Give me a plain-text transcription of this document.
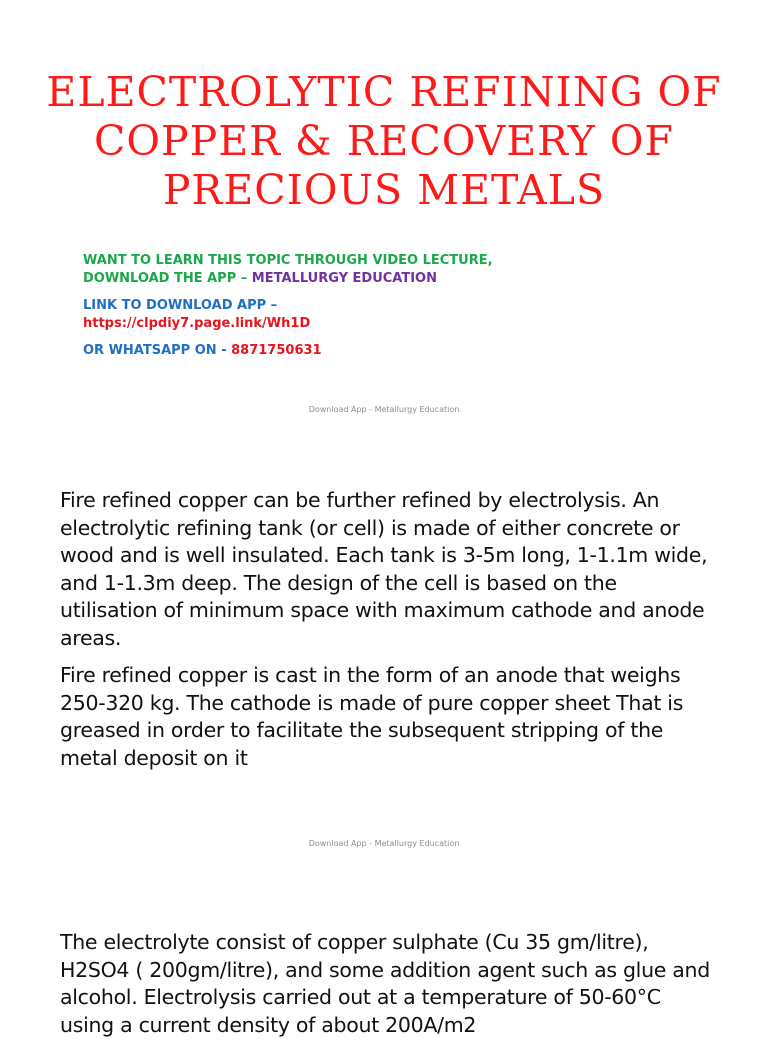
ELECTROLYTIC REFINING OF
COPPER & RECOVERY OF
PRECIOUS METALS

WANT TO LEARN THIS TOPIC THROUGH VIDEO LECTURE,

DOWNLOAD THE APP – METALLURGY EDUCATION

LINK TO DOWNLOAD APP –

https://clpdiy7.page.link/Wh1D

OR WHATSAPP ON - 8871750631

Download App - Metallurgy Education

Fire refined copper can be further refined by electrolysis. An electrolytic refining tank (or cell) is made of either concrete or wood and is well insulated. Each tank is 3-5m long, 1-1.1m wide, and 1-1.3m deep. The design of the cell is based on the utilisation of minimum space with maximum cathode and anode areas.

Fire refined copper is cast in the form of an anode that weighs 250-320 kg. The cathode is made of pure copper sheet That is greased in order to facilitate the subsequent stripping of the metal deposit on it

Download App - Metallurgy Education

The electrolyte consist of copper sulphate (Cu 35 gm/litre), H2SO4 ( 200gm/litre), and some addition agent such as glue and alcohol. Electrolysis carried out at a temperature of 50-60°C using a current density of about 200A/m2
